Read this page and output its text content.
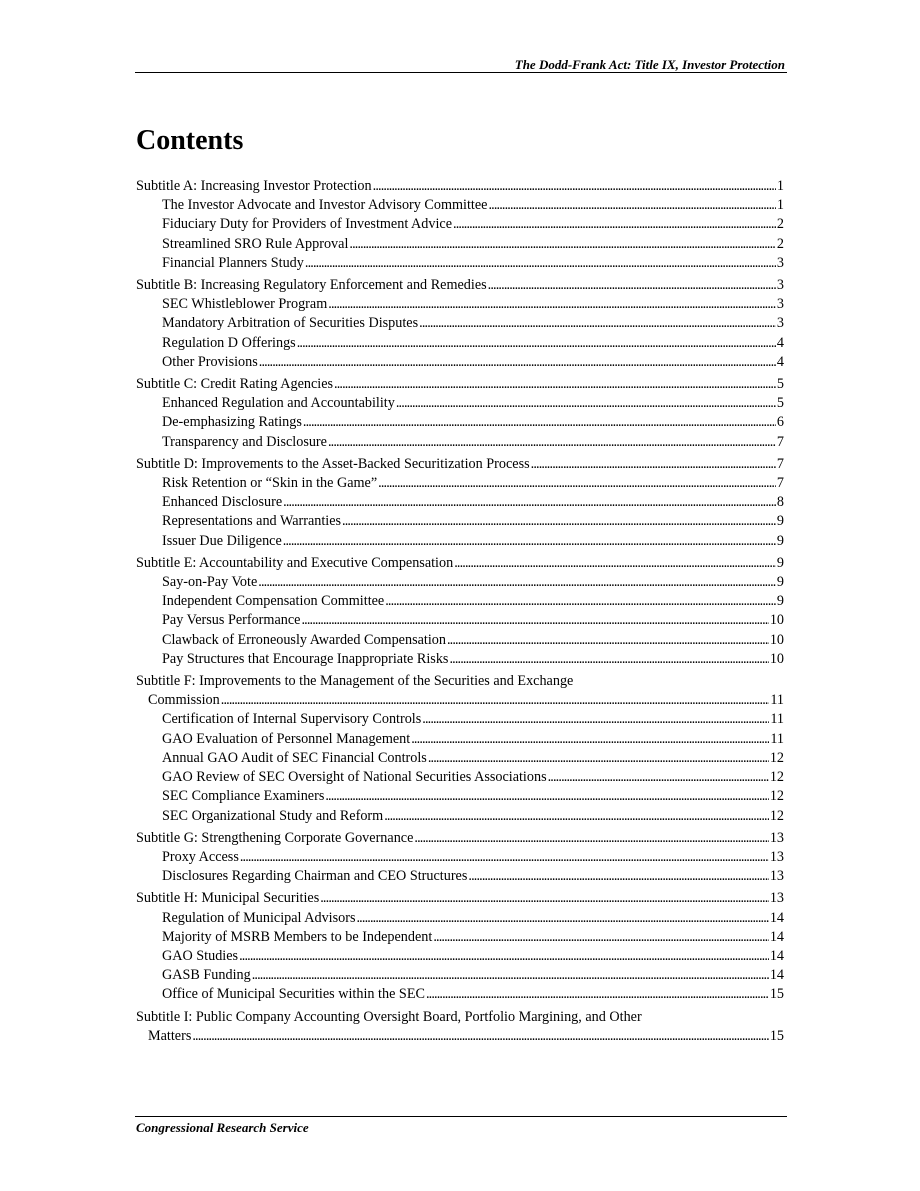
The Dodd-Frank Act: Title IX, Investor Protection
Contents
Subtitle A: Increasing Investor Protection . . .	1
The Investor Advocate and Investor Advisory Committee . . .	1
Fiduciary Duty for Providers of Investment Advice . . .	2
Streamlined SRO Rule Approval . . .	2
Financial Planners Study . . .	3
Subtitle B: Increasing Regulatory Enforcement and Remedies . . .	3
SEC Whistleblower Program . . .	3
Mandatory Arbitration of Securities Disputes . . .	3
Regulation D Offerings . . .	4
Other Provisions . . .	4
Subtitle C: Credit Rating Agencies . . .	5
Enhanced Regulation and Accountability . . .	5
De-emphasizing Ratings . . .	6
Transparency and Disclosure . . .	7
Subtitle D: Improvements to the Asset-Backed Securitization Process . . .	7
Risk Retention or “Skin in the Game” . . .	7
Enhanced Disclosure . . .	8
Representations and Warranties . . .	9
Issuer Due Diligence . . .	9
Subtitle E: Accountability and Executive Compensation . . .	9
Say-on-Pay Vote . . .	9
Independent Compensation Committee . . .	9
Pay Versus Performance . . .	10
Clawback of Erroneously Awarded Compensation . . .	10
Pay Structures that Encourage Inappropriate Risks . . .	10
Subtitle F: Improvements to the Management of the Securities and Exchange
Commission . . .	11
Certification of Internal Supervisory Controls . . .	11
GAO Evaluation of Personnel Management . . .	11
Annual GAO Audit of SEC Financial Controls . . .	12
GAO Review of SEC Oversight of National Securities Associations . . .	12
SEC Compliance Examiners . . .	12
SEC Organizational Study and Reform . . .	12
Subtitle G: Strengthening Corporate Governance . . .	13
Proxy Access . . .	13
Disclosures Regarding Chairman and CEO Structures . . .	13
Subtitle H: Municipal Securities . . .	13
Regulation of Municipal Advisors . . .	14
Majority of MSRB Members to be Independent . . .	14
GAO Studies . . .	14
GASB Funding . . .	14
Office of Municipal Securities within the SEC . . .	15
Subtitle I: Public Company Accounting Oversight Board, Portfolio Margining, and Other
Matters . . .	15
Congressional Research Service
